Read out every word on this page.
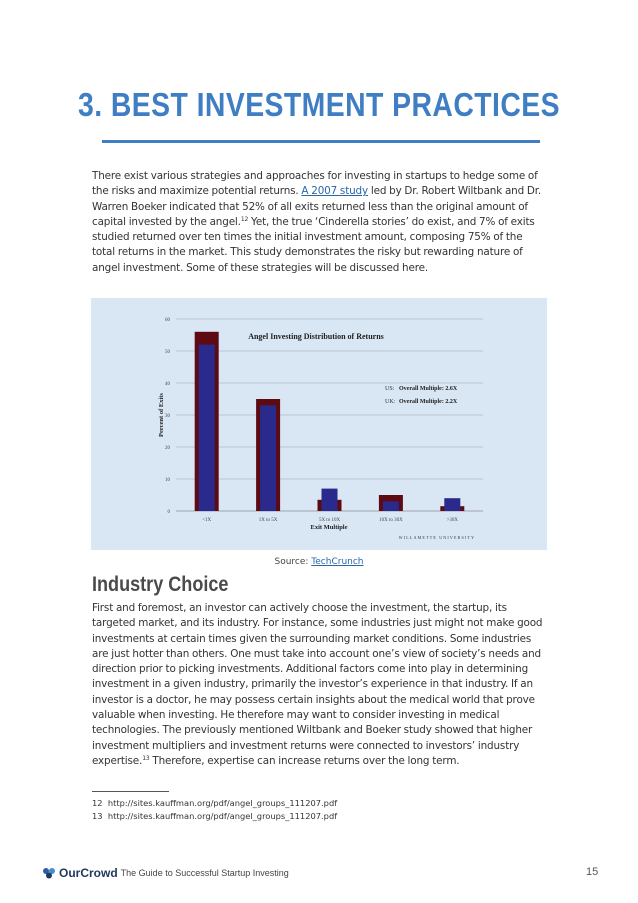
3. BEST INVESTMENT PRACTICES
There exist various strategies and approaches for investing in startups to hedge some of the risks and maximize potential returns. A 2007 study led by Dr. Robert Wiltbank and Dr. Warren Boeker indicated that 52% of all exits returned less than the original amount of capital invested by the angel.$^{12}$ Yet, the true ‘Cinderella stories’ do exist, and 7% of exits studied returned over ten times the initial investment amount, composing 75% of the total returns in the market. This study demonstrates the risky but rewarding nature of angel investment. Some of these strategies will be discussed here.
0
10
20
30
40
50
60
<1X	1X to 5X	5X to 10X	10X to 30X	>30X
Angel Investing Distribution of Returns
Exit Multiple
Percent of Exits
US: Overall Multiple: 2.6X
UK: Overall Multiple: 2.2X
WILLAMETTE UNIVERSITY
Source: TechCrunch
Industry Choice
First and foremost, an investor can actively choose the investment, the startup, its targeted market, and its industry. For instance, some industries just might not make good investments at certain times given the surrounding market conditions. Some industries are just hotter than others. One must take into account one’s view of society’s needs and direction prior to picking investments. Additional factors come into play in determining investment in a given industry, primarily the investor’s experience in that industry. If an investor is a doctor, he may possess certain insights about the medical world that prove valuable when investing. He therefore may want to consider investing in medical technologies. The previously mentioned Wiltbank and Boeker study showed that higher investment multipliers and investment returns were connected to investors’ industry expertise.$^{13}$ Therefore, expertise can increase returns over the long term.
12 http://sites.kauffman.org/pdf/angel_groups_111207.pdf
13 http://sites.kauffman.org/pdf/angel_groups_111207.pdf
OurCrowd The Guide to Successful Startup Investing	15
